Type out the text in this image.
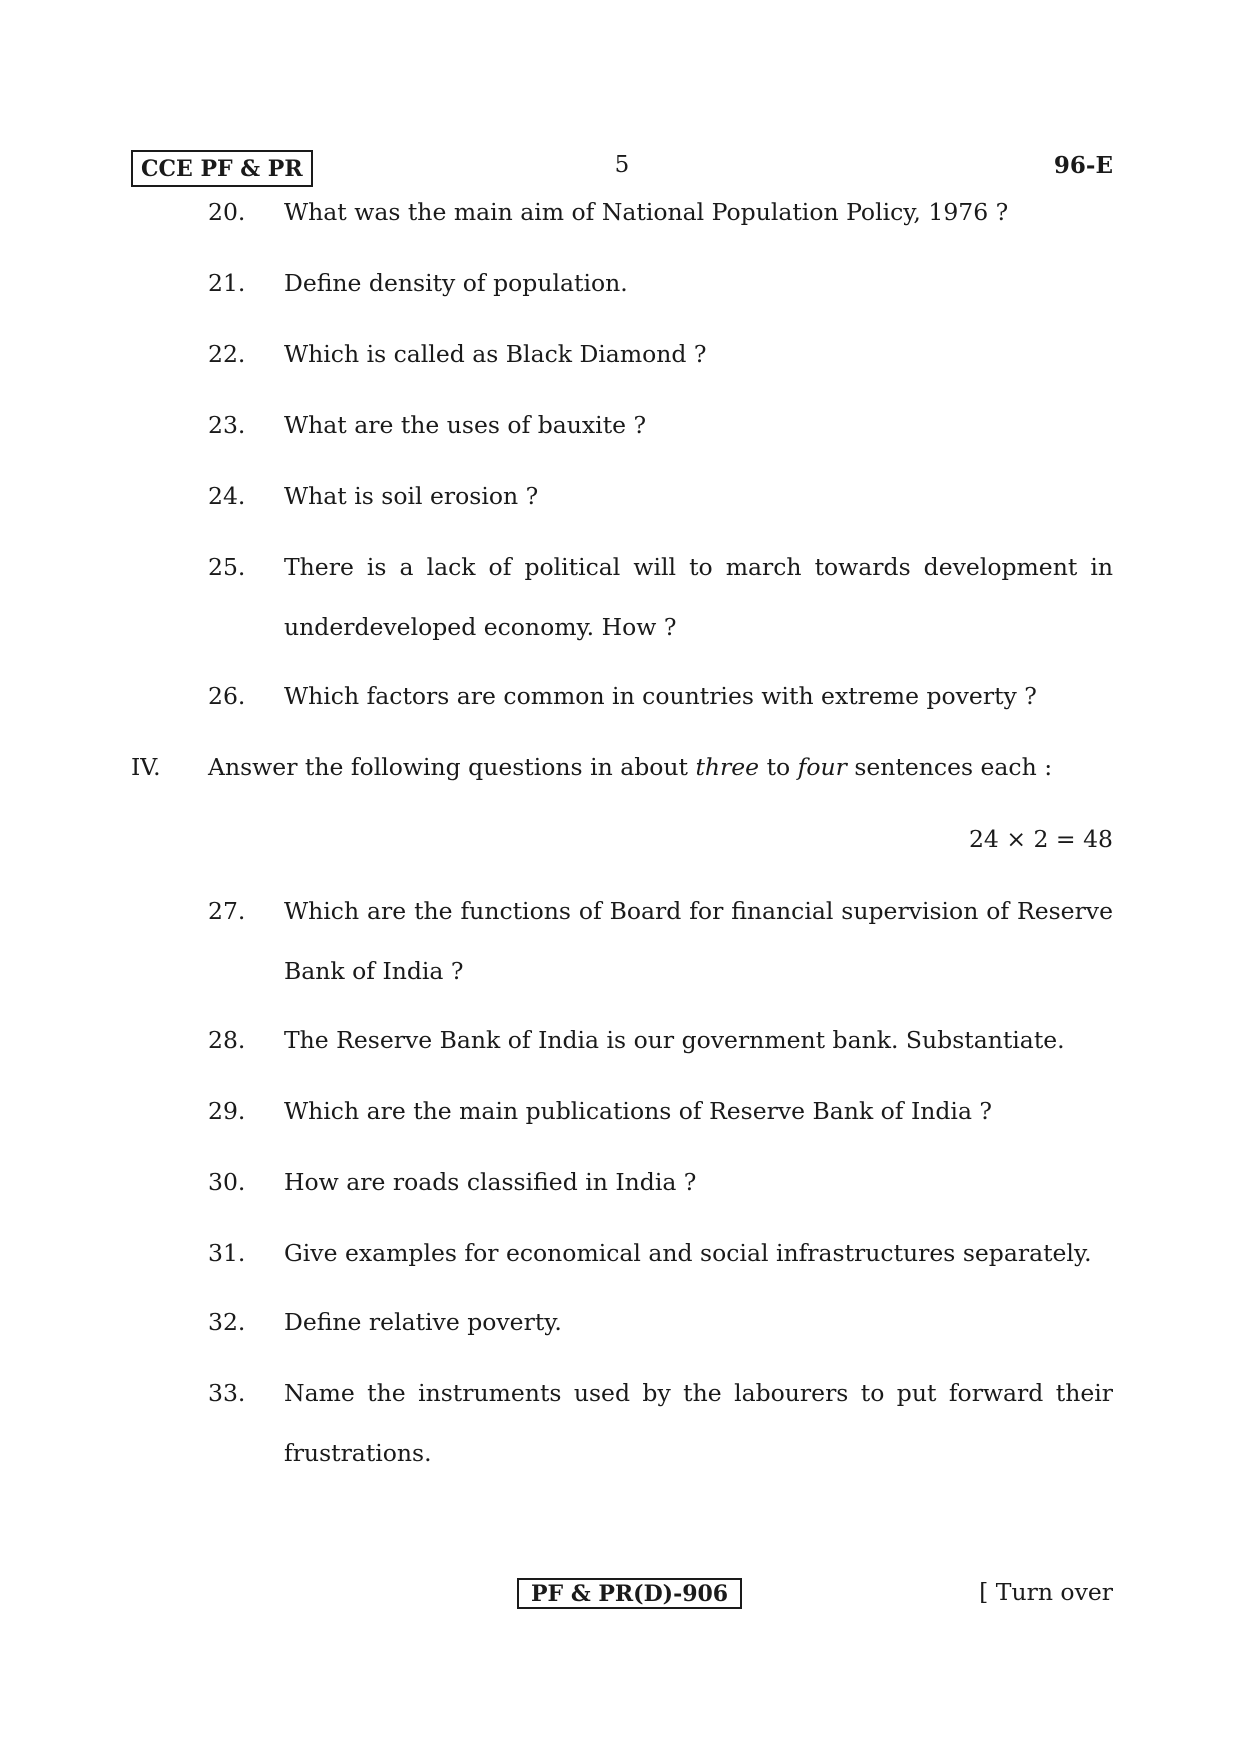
CCE PF & PR	5	96-E
20. What was the main aim of National Population Policy, 1976 ?
21. Define density of population.
22. Which is called as Black Diamond ?
23. What are the uses of bauxite ?
24. What is soil erosion ?
25. There is a lack of political will to march towards development in underdeveloped economy. How ?
26. Which factors are common in countries with extreme poverty ?
IV. Answer the following questions in about three to four sentences each :
24 × 2 = 48
27. Which are the functions of Board for financial supervision of Reserve Bank of India ?
28. The Reserve Bank of India is our government bank. Substantiate.
29. Which are the main publications of Reserve Bank of India ?
30. How are roads classified in India ?
31. Give examples for economical and social infrastructures separately.
32. Define relative poverty.
33. Name the instruments used by the labourers to put forward their frustrations.
PF & PR(D)-906	[ Turn over
